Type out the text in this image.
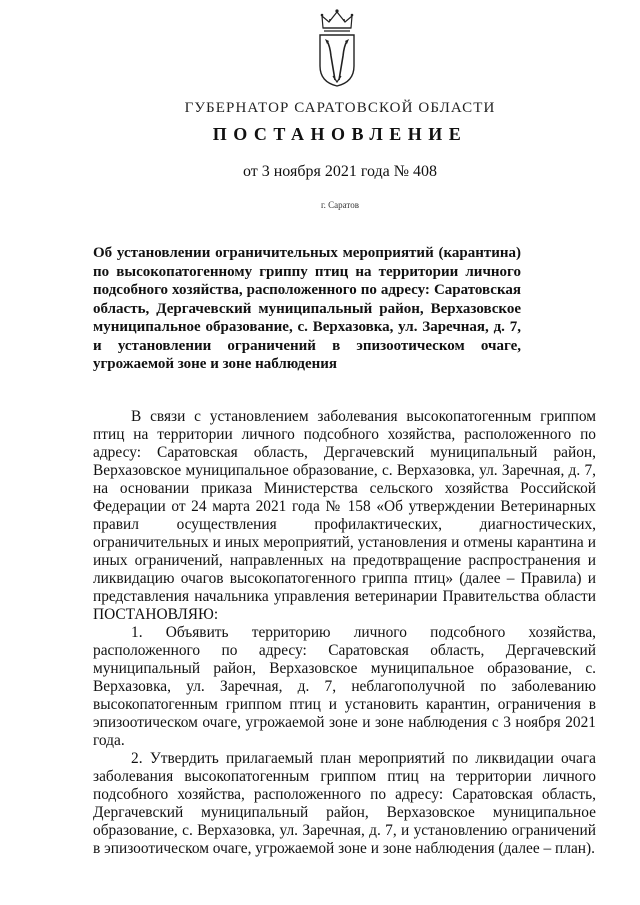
ГУБЕРНАТОР САРАТОВСКОЙ ОБЛАСТИ
ПОСТАНОВЛЕНИЕ
от 3 ноября 2021 года № 408
г. Саратов
Об установлении ограничительных мероприятий (карантина) по высокопатогенному гриппу птиц на территории личного подсобного хозяйства, расположенного по адресу: Саратовская область, Дергачевский муниципальный район, Верхазовское муниципальное образование, с. Верхазовка, ул. Заречная, д. 7, и установлении ограничений в эпизоотическом очаге, угрожаемой зоне и зоне наблюдения

В связи с установлением заболевания высокопатогенным гриппом птиц на территории личного подсобного хозяйства, расположенного по адресу: Саратовская область, Дергачевский муниципальный район, Верхазовское муниципальное образование, с. Верхазовка, ул. Заречная, д. 7, на основании приказа Министерства сельского хозяйства Российской Федерации от 24 марта 2021 года № 158 «Об утверждении Ветеринарных правил осуществления профилактических, диагностических, ограничительных и иных мероприятий, установления и отмены карантина и иных ограничений, направленных на предотвращение распространения и ликвидацию очагов высокопатогенного гриппа птиц» (далее – Правила) и представления начальника управления ветеринарии Правительства области ПОСТАНОВЛЯЮ:

1. Объявить территорию личного подсобного хозяйства, расположенного по адресу: Саратовская область, Дергачевский муниципальный район, Верхазовское муниципальное образование, с. Верхазовка, ул. Заречная, д. 7, неблагополучной по заболеванию высокопатогенным гриппом птиц и установить карантин, ограничения в эпизоотическом очаге, угрожаемой зоне и зоне наблюдения с 3 ноября 2021 года.

2. Утвердить прилагаемый план мероприятий по ликвидации очага заболевания высокопатогенным гриппом птиц на территории личного подсобного хозяйства, расположенного по адресу: Саратовская область, Дергачевский муниципальный район, Верхазовское муниципальное образование, с. Верхазовка, ул. Заречная, д. 7, и установлению ограничений в эпизоотическом очаге, угрожаемой зоне и зоне наблюдения (далее – план).
